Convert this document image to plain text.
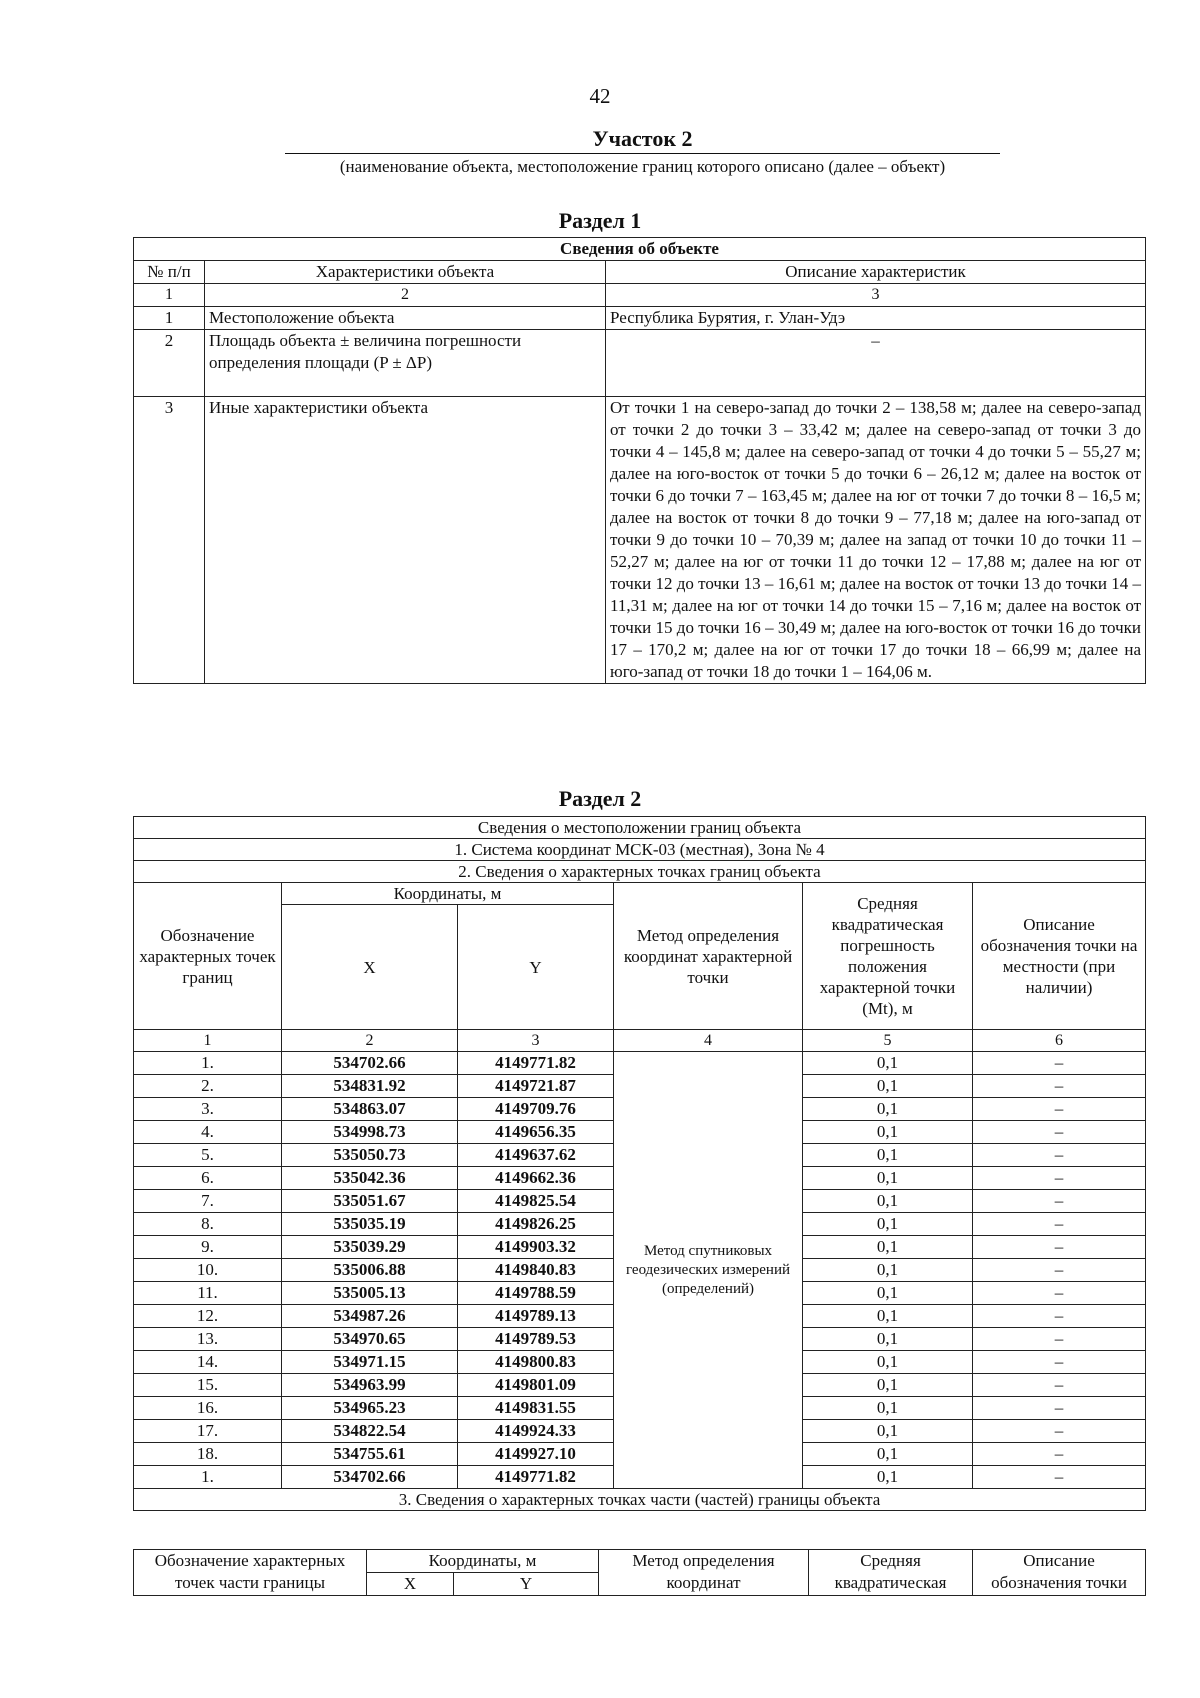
42
Участок 2
(наименование объекта, местоположение границ которого описано (далее – объект)
Раздел 1
Сведения об объекте		
№ п/п	Характеристики объекта	Описание характеристик
1	2	3
1	Местоположение объекта	Республика Бурятия, г. Улан-Удэ
2	Площадь объекта ± величина погрешности определения площади (P ± ΔP)	–
3	Иные характеристики объекта	От точки 1 на северо-запад до точки 2 – 138,58 м; далее на северо-запад от точки 2 до точки 3 – 33,42 м; далее на северо-запад от точки 3 до точки 4 – 145,8 м; далее на северо-запад от точки 4 до точки 5 – 55,27 м; далее на юго-восток от точки 5 до точки 6 – 26,12 м; далее на восток от точки 6 до точки 7 – 163,45 м; далее на юг от точки 7 до точки 8 – 16,5 м; далее на восток от точки 8 до точки 9 – 77,18 м; далее на юго-запад от точки 9 до точки 10 – 70,39 м; далее на запад от точки 10 до точки 11 – 52,27 м; далее на юг от точки 11 до точки 12 – 17,88 м; далее на юг от точки 12 до точки 13 – 16,61 м; далее на восток от точки 13 до точки 14 – 11,31 м; далее на юг от точки 14 до точки 15 – 7,16 м; далее на восток от точки 15 до точки 16 – 30,49 м; далее на юго-восток от точки 16 до точки 17 – 170,2 м; далее на юг от точки 17 до точки 18 – 66,99 м; далее на юго-запад от точки 18 до точки 1 – 164,06 м.
Раздел 2
Сведения о местоположении границ объекта					
1. Система координат МСК-03 (местная), Зона № 4					
2. Сведения о характерных точках границ объекта					
Обозначение характерных точек границ	Координаты, м		Метод определения координат характерной точки	Средняя квадратическая погрешность положения характерной точки (Mt), м	Описание обозначения точки на местности (при наличии)
	X	Y			
1	2	3	4	5	6
1.	534702.66	4149771.82	Метод спутниковых геодезических измерений (определений)	0,1	–
2.	534831.92	4149721.87		0,1	–
3.	534863.07	4149709.76		0,1	–
4.	534998.73	4149656.35		0,1	–
5.	535050.73	4149637.62		0,1	–
6.	535042.36	4149662.36		0,1	–
7.	535051.67	4149825.54		0,1	–
8.	535035.19	4149826.25		0,1	–
9.	535039.29	4149903.32		0,1	–
10.	535006.88	4149840.83		0,1	–
11.	535005.13	4149788.59		0,1	–
12.	534987.26	4149789.13		0,1	–
13.	534970.65	4149789.53		0,1	–
14.	534971.15	4149800.83		0,1	–
15.	534963.99	4149801.09		0,1	–
16.	534965.23	4149831.55		0,1	–
17.	534822.54	4149924.33		0,1	–
18.	534755.61	4149927.10		0,1	–
1.	534702.66	4149771.82		0,1	–
3. Сведения о характерных точках части (частей) границы объекта					
Обозначение характерных точек части границы	Координаты, м		Метод определения координат	Средняя квадратическая	Описание обозначения точки
	X	Y			
